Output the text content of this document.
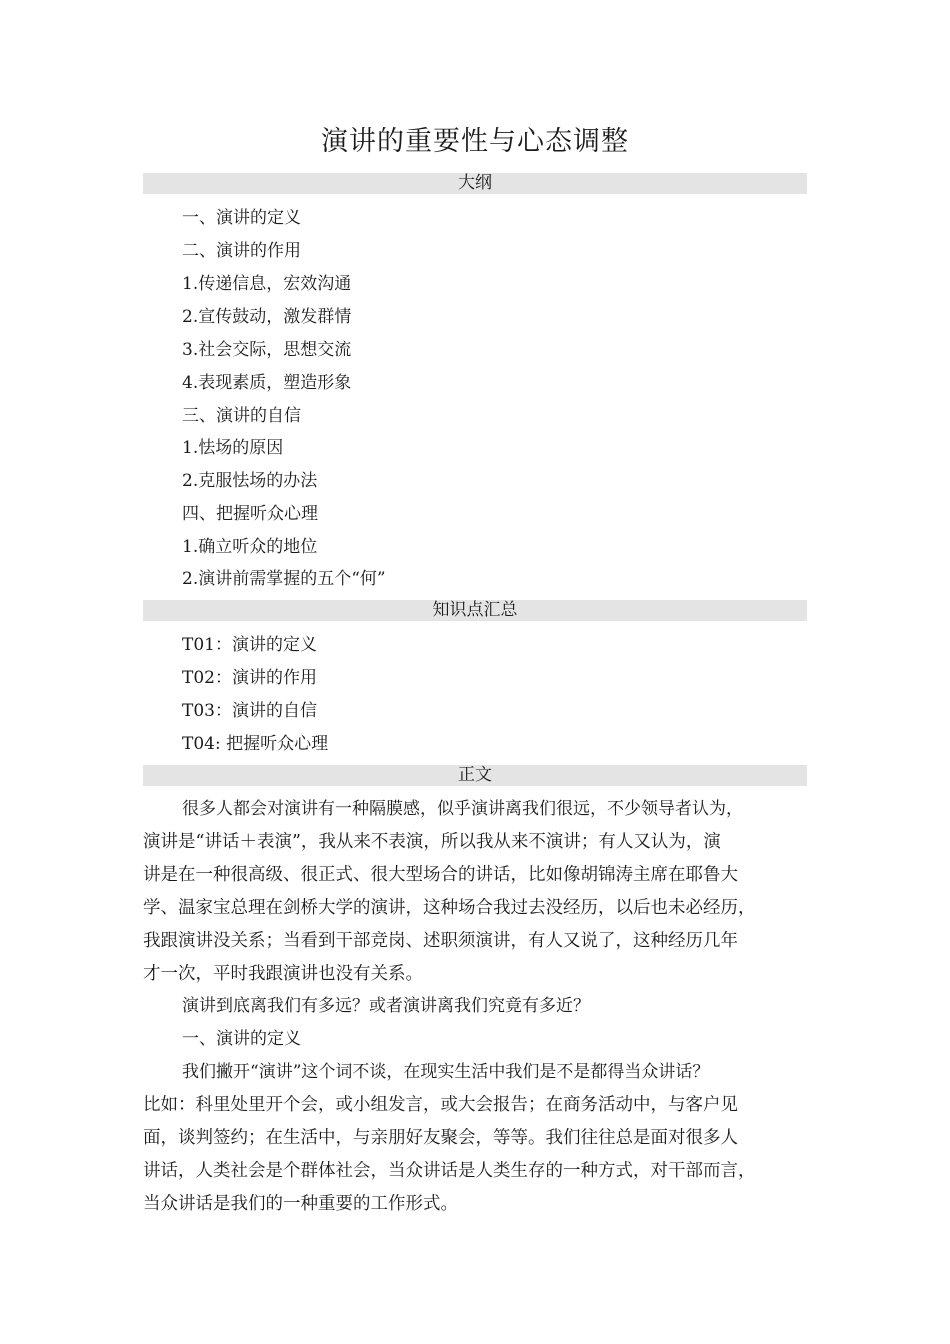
演讲的重要性与心态调整
大纲
一、演讲的定义
二、演讲的作用
1.传递信息，宏效沟通
2.宣传鼓动，激发群情
3.社会交际，思想交流
4.表现素质，塑造形象
三、演讲的自信
1.怯场的原因
2.克服怯场的办法
四、把握听众心理
1.确立听众的地位
2.演讲前需掌握的五个“何”
知识点汇总
T01：演讲的定义
T02：演讲的作用
T03：演讲的自信
T04: 把握听众心理
正文
很多人都会对演讲有一种隔膜感，似乎演讲离我们很远，不少领导者认为，
演讲是“讲话＋表演”，我从来不表演，所以我从来不演讲；有人又认为，演
讲是在一种很高级、很正式、很大型场合的讲话，比如像胡锦涛主席在耶鲁大
学、温家宝总理在剑桥大学的演讲，这种场合我过去没经历，以后也未必经历，
我跟演讲没关系；当看到干部竞岗、述职须演讲，有人又说了，这种经历几年
才一次，平时我跟演讲也没有关系。
演讲到底离我们有多远？或者演讲离我们究竟有多近？
一、演讲的定义
我们撇开“演讲”这个词不谈，在现实生活中我们是不是都得当众讲话？
比如：科里处里开个会，或小组发言，或大会报告；在商务活动中，与客户见
面，谈判签约；在生活中，与亲朋好友聚会，等等。我们往往总是面对很多人
讲话，人类社会是个群体社会，当众讲话是人类生存的一种方式，对干部而言，
当众讲话是我们的一种重要的工作形式。
